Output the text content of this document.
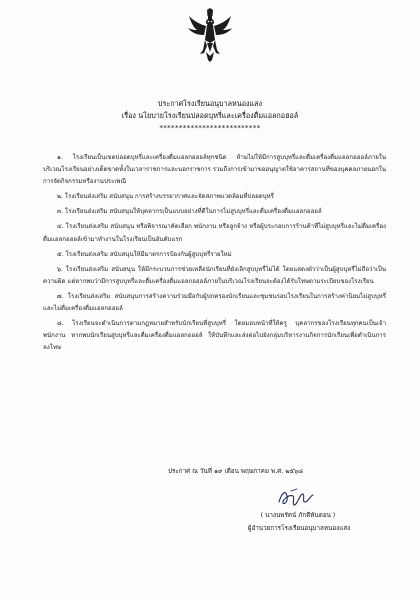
ประกาศโรงเรียนอนุบาลหนองแสง
เรื่อง นโยบายโรงเรียนปลอดบุหรี่และเครื่องดื่มแอลกอฮอล์
**************************

๑. โรงเรียนเป็นเขตปลอดบุหรี่และเครื่องดื่มแอลกอฮอล์ทุกชนิด ห้ามไม่ให้มีการสูบบุหรี่และดื่มเครื่องดื่มแอลกอฮอล์ภายในบริเวณโรงเรียนอย่างเด็ดขาดทั้งในเวลาราชการและนอกราชการ รวมถึงการเข้ามาขออนุญาตใช้อาคารสถานที่ของบุคคลภายนอกในการจัดกิจกรรมหรืองานประเพณี

๒. โรงเรียนส่งเสริม สนับสนุน การสร้างบรรยากาศและจัดสภาพแวดล้อมที่ปลอดบุหรี่

๓. โรงเรียนส่งเสริม สนับสนุนให้บุคลากรเป็นแบบอย่างที่ดีในการไม่สูบบุหรี่และดื่มเครื่องดื่มแอลกอฮอล์

๔. โรงเรียนส่งเสริม สนับสนุน หรือพิจารณาคัดเลือก พนักงาน หรือลูกจ้าง หรือผู้ประกอบการร้านค้าที่ไม่สูบบุหรี่และไม่ดื่มเครื่องดื่มแอลกอฮอล์เข้ามาทำงานในโรงเรียนเป็นอันดับแรก

๕. โรงเรียนส่งเสริม สนับสนุนให้มีมาตรการป้องกันผู้สูบบุหรี่รายใหม่

๖. โรงเรียนส่งเสริม สนับสนุน ให้มีกระบวนการช่วยเหลือนักเรียนที่ยังเลิกสูบบุหรี่ไม่ได้ โดยแสดงตัวว่าเป็นผู้สูบบุหรี่ไม่ถือว่าเป็นความผิด แต่หากพบว่ามีการสูบบุหรี่และดื่มเครื่องดื่มแอลกอฮอล์ภายในบริเวณโรงเรียนจะต้องได้รับโทษตามระเบียบของโรงเรียน

๗. โรงเรียนส่งเสริม สนับสนุนการสร้างความร่วมมือกับผู้ปกครองนักเรียนและชุมชนรอบโรงเรียนในการสร้างค่านิยมไม่สูบบุหรี่และไม่ดื่มเครื่องดื่มแอลกอฮอล์

๘. โรงเรียนจะดำเนินการตามกฎหมายสำหรับนักเรียนที่สูบบุหรี่ โดยมอบหน้าที่ให้ครู บุคลากรของโรงเรียนทุกคนเป็นเจ้าพนักงาน หากพบนักเรียนสูบบุหรี่และดื่มเครื่องดื่มแอลกอฮอล์ ให้บันทึกและส่งต่อไปยังกลุ่มบริหารงานกิจการนักเรียนเพื่อดำเนินการลงโทษ

ประกาศ ณ วันที่ ๑๙ เดือน พฤษภาคม พ.ศ. ๒๕๖๘
( นางนพรัตน์ ภักดีพันดอน )
ผู้อำนวยการโรงเรียนอนุบาลหนองแสง
